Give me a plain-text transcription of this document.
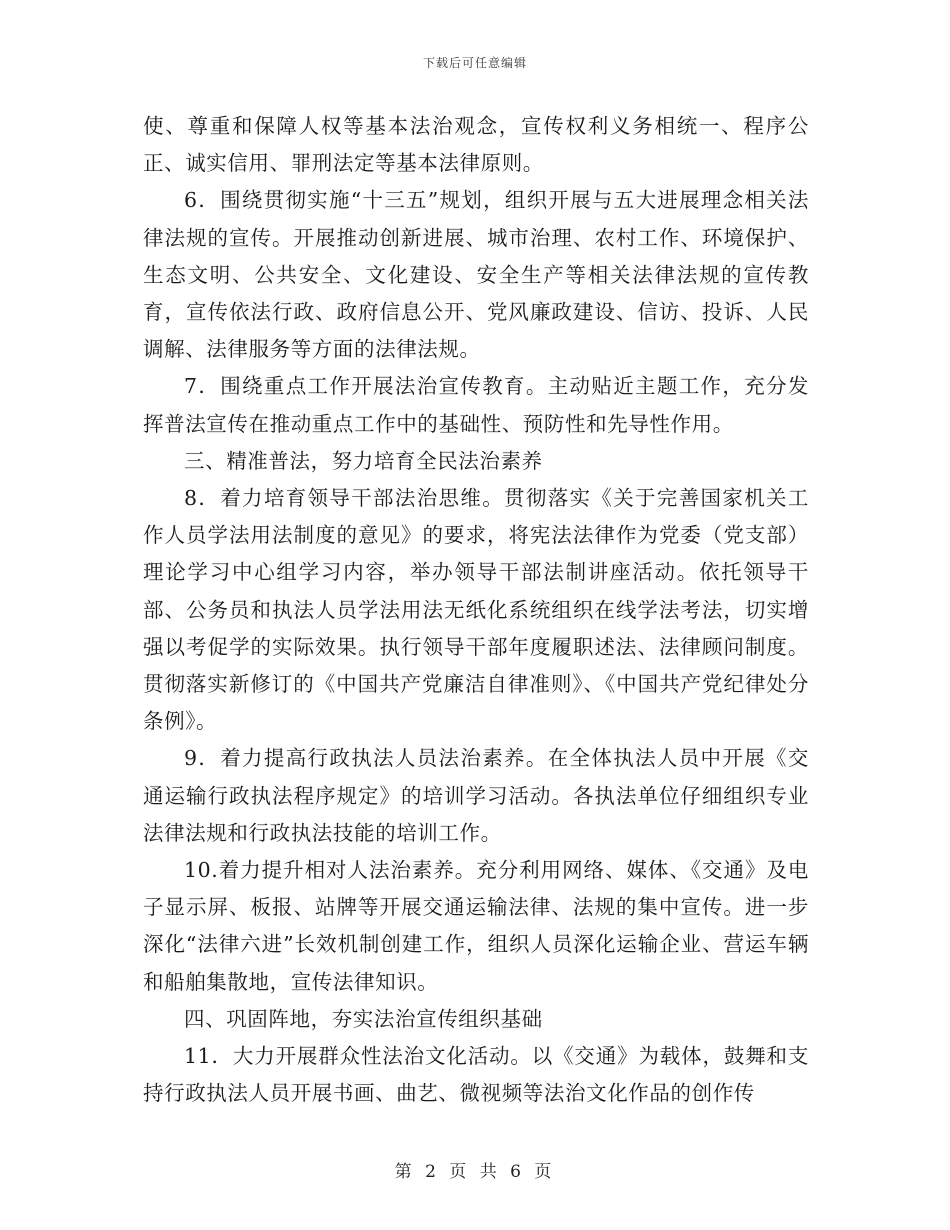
下载后可任意编辑

使、尊重和保障人权等基本法治观念，宣传权利义务相统一、程序公正、诚实信用、罪刑法定等基本法律原则。

6．围绕贯彻实施“十三五”规划，组织开展与五大进展理念相关法律法规的宣传。开展推动创新进展、城市治理、农村工作、环境保护、生态文明、公共安全、文化建设、安全生产等相关法律法规的宣传教育，宣传依法行政、政府信息公开、党风廉政建设、信访、投诉、人民调解、法律服务等方面的法律法规。

7．围绕重点工作开展法治宣传教育。主动贴近主题工作，充分发挥普法宣传在推动重点工作中的基础性、预防性和先导性作用。

三、精准普法，努力培育全民法治素养

8．着力培育领导干部法治思维。贯彻落实《关于完善国家机关工作人员学法用法制度的意见》的要求，将宪法法律作为党委（党支部）理论学习中心组学习内容，举办领导干部法制讲座活动。依托领导干部、公务员和执法人员学法用法无纸化系统组织在线学法考法，切实增强以考促学的实际效果。执行领导干部年度履职述法、法律顾问制度。贯彻落实新修订的《中国共产党廉洁自律准则》、《中国共产党纪律处分条例》。

9．着力提高行政执法人员法治素养。在全体执法人员中开展《交通运输行政执法程序规定》的培训学习活动。各执法单位仔细组织专业法律法规和行政执法技能的培训工作。

10.着力提升相对人法治素养。充分利用网络、媒体、《交通》及电子显示屏、板报、站牌等开展交通运输法律、法规的集中宣传。进一步深化“法律六进”长效机制创建工作，组织人员深化运输企业、营运车辆和船舶集散地，宣传法律知识。

四、巩固阵地，夯实法治宣传组织基础

11．大力开展群众性法治文化活动。以《交通》为载体，鼓舞和支持行政执法人员开展书画、曲艺、微视频等法治文化作品的创作传

第 2 页 共 6 页
